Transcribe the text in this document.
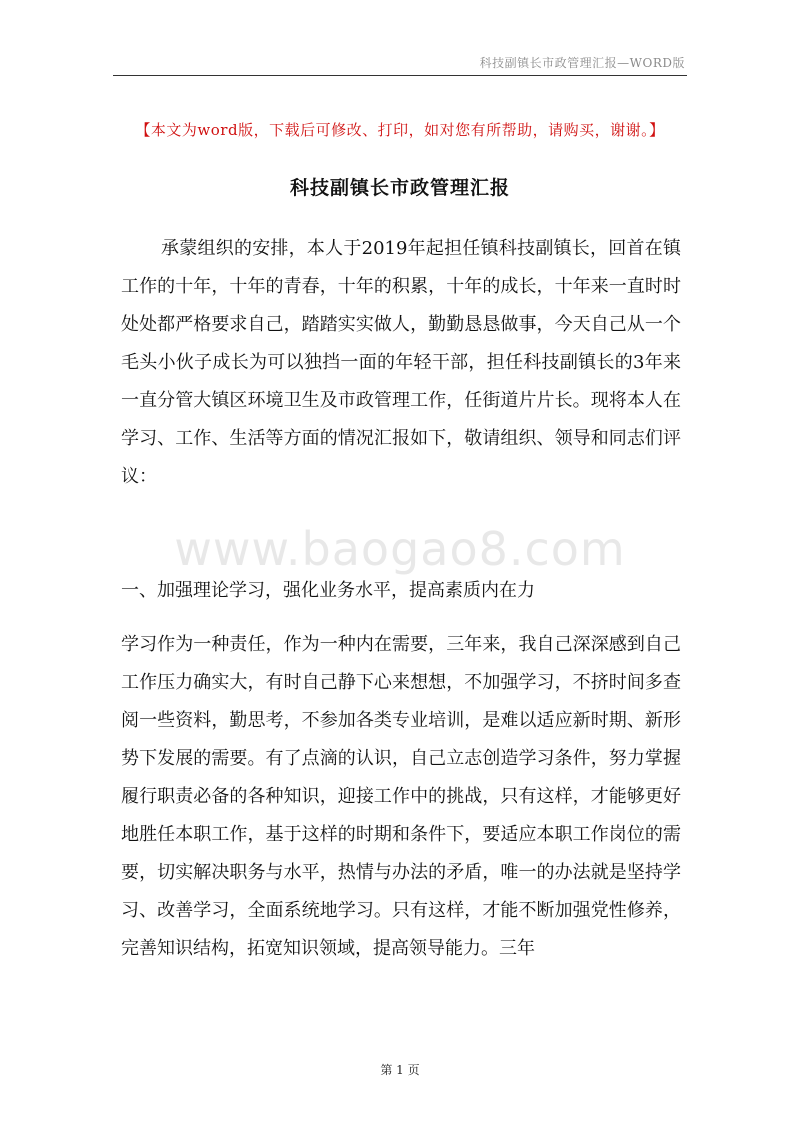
科技副镇长市政管理汇报—WORD版
【本文为word版，下载后可修改、打印，如对您有所帮助，请购买，谢谢。】
科技副镇长市政管理汇报
承蒙组织的安排，本人于2019年起担任镇科技副镇长，回首在镇工作的十年，十年的青春，十年的积累，十年的成长，十年来一直时时处处都严格要求自己，踏踏实实做人，勤勤恳恳做事，今天自己从一个毛头小伙子成长为可以独挡一面的年轻干部，担任科技副镇长的3年来一直分管大镇区环境卫生及市政管理工作，任街道片片长。现将本人在学习、工作、生活等方面的情况汇报如下，敬请组织、领导和同志们评议：
www.baogao8.com
一、加强理论学习，强化业务水平，提高素质内在力
学习作为一种责任，作为一种内在需要，三年来，我自己深深感到自己工作压力确实大，有时自己静下心来想想，不加强学习，不挤时间多查阅一些资料，勤思考，不参加各类专业培训，是难以适应新时期、新形势下发展的需要。有了点滴的认识，自己立志创造学习条件，努力掌握履行职责必备的各种知识，迎接工作中的挑战，只有这样，才能够更好地胜任本职工作，基于这样的时期和条件下，要适应本职工作岗位的需要，切实解决职务与水平，热情与办法的矛盾，唯一的办法就是坚持学习、改善学习，全面系统地学习。只有这样，才能不断加强党性修养，完善知识结构，拓宽知识领域，提高领导能力。三年
第 1 页
